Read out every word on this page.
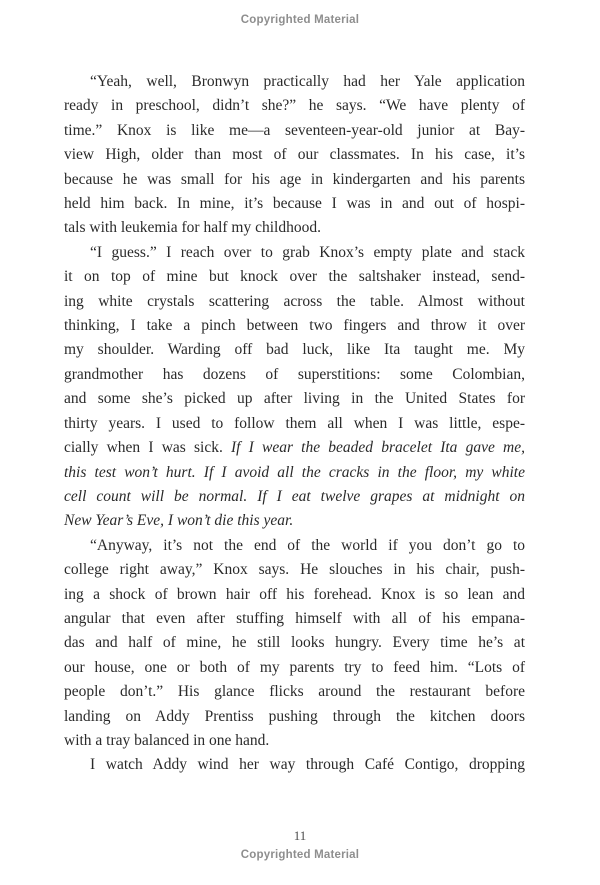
Copyrighted Material
“Yeah, well, Bronwyn practically had her Yale application
ready in preschool, didn’t she?” he says. “We have plenty of
time.” Knox is like me—a seventeen-year-old junior at Bay-
view High, older than most of our classmates. In his case, it’s
because he was small for his age in kindergarten and his parents
held him back. In mine, it’s because I was in and out of hospi-
tals with leukemia for half my childhood.
“I guess.” I reach over to grab Knox’s empty plate and stack
it on top of mine but knock over the saltshaker instead, send-
ing white crystals scattering across the table. Almost without
thinking, I take a pinch between two fingers and throw it over
my shoulder. Warding off bad luck, like Ita taught me. My
grandmother has dozens of superstitions: some Colombian,
and some she’s picked up after living in the United States for
thirty years. I used to follow them all when I was little, espe-
cially when I was sick. If I wear the beaded bracelet Ita gave me,
this test won’t hurt. If I avoid all the cracks in the floor, my white
cell count will be normal. If I eat twelve grapes at midnight on
New Year’s Eve, I won’t die this year.
“Anyway, it’s not the end of the world if you don’t go to
college right away,” Knox says. He slouches in his chair, push-
ing a shock of brown hair off his forehead. Knox is so lean and
angular that even after stuffing himself with all of his empana-
das and half of mine, he still looks hungry. Every time he’s at
our house, one or both of my parents try to feed him. “Lots of
people don’t.” His glance flicks around the restaurant before
landing on Addy Prentiss pushing through the kitchen doors
with a tray balanced in one hand.
I watch Addy wind her way through Café Contigo, dropping
11
Copyrighted Material
